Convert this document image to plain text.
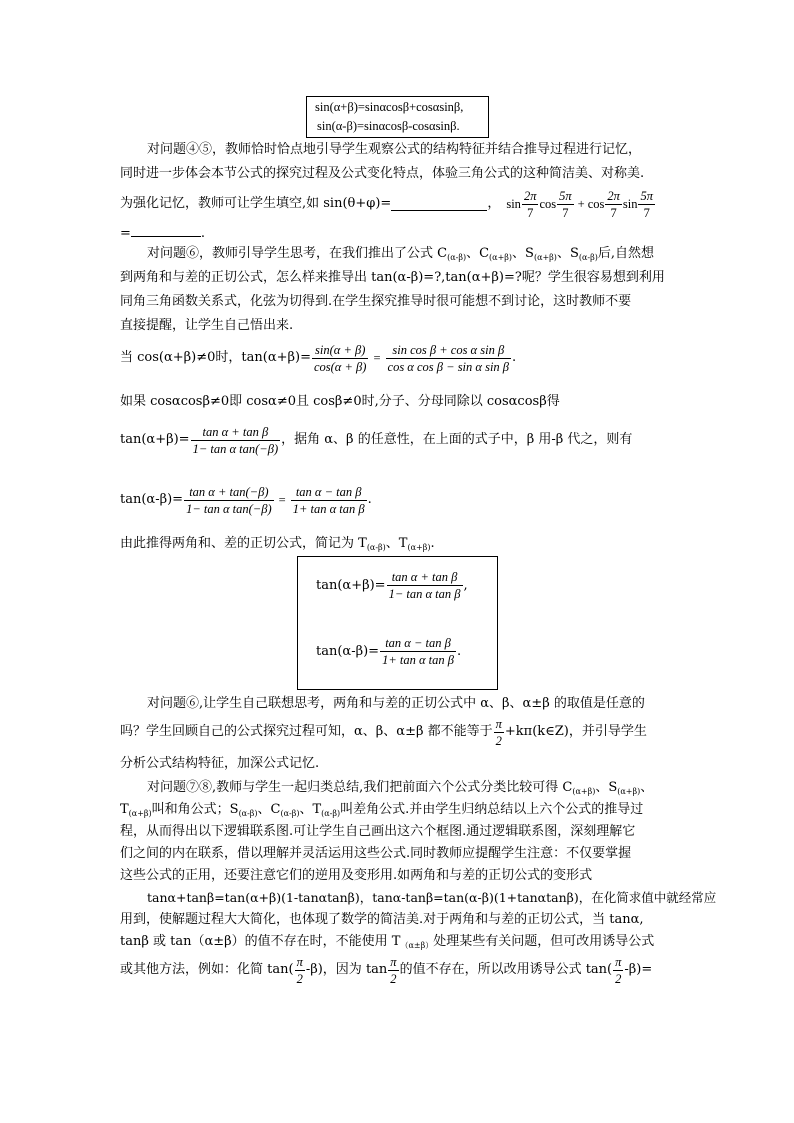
sin(α+β)=sinαcosβ+cosαsinβ,
sin(α-β)=sinαcosβ-cosαsinβ.
对问题④⑤，教师恰时恰点地引导学生观察公式的结构特征并结合推导过程进行记忆，
同时进一步体会本节公式的探究过程及公式变化特点，体验三角公式的这种简洁美、对称美.
为强化记忆，教师可让学生填空,如 sin(θ+φ)=	， $\sin \frac{2\pi}{7}$ $\cos \frac{5\pi}{7} + \cos \frac{2\pi}{7}$ $\sin \frac{5\pi}{7}$
=	.
对问题⑥，教师引导学生思考，在我们推出了公式 $C_{(\alpha-\beta)}$、$C_{(\alpha+\beta)}$、$S_{(\alpha+\beta)}$、$S_{(\alpha-\beta)}$后,自然想
到两角和与差的正切公式，怎么样来推导出 tan(α-β)=?,tan(α+β)=?呢？学生很容易想到利用
同角三角函数关系式，化弦为切得到.在学生探究推导时很可能想不到讨论，这时教师不要
直接提醒，让学生自己悟出来.
当 cos(α+β)≠0时，$\tan(\alpha+\beta)= \frac{\sin(\alpha + \beta)}{\cos(\alpha + \beta)} = \frac{\text{sin cos β + cos α sin β}}{\text{cos α cos β − sin α sin β}}$ .
如果 cosαcosβ≠0即 cosα≠0且 cosβ≠0时,分子、分母同除以 cosαcosβ得
$\tan(\alpha+\beta)= \frac{\text{tan α + tan β}}{\text{1− tan α tan(−β)}}$ ，据角 α、β 的任意性，在上面的式子中，β 用-β 代之，则有
$\tan(\alpha-\beta)= \frac{\text{tan α + tan(−β)}}{\text{1− tan α tan(−β)}} = \frac{\text{tan α − tan β}}{\text{1+ tan α tan β}}$ .
由此推得两角和、差的正切公式，简记为 $T_{(\alpha-\beta)}$、$T_{(\alpha+\beta)}$.
$\tan(\alpha+\beta)= \frac{\text{tan α + tan β}}{\text{1− tan α tan β}}$ ,
$\tan(\alpha-\beta)= \frac{\text{tan α − tan β}}{\text{1+ tan α tan β}}$ .
对问题⑥,让学生自己联想思考，两角和与差的正切公式中 α、β、α±β 的取值是任意的
吗？学生回顾自己的公式探究过程可知，α、β、α±β 都不能等于 $\frac{\pi}{2}$ +kπ(k∈Z)，并引导学生
分析公式结构特征，加深公式记忆.
对问题⑦⑧,教师与学生一起归类总结,我们把前面六个公式分类比较可得 $C_{(\alpha+\beta)}$、$S_{(\alpha+\beta)}$、
$T_{(\alpha+\beta)}$叫和角公式；$S_{(\alpha-\beta)}$、$C_{(\alpha-\beta)}$、$T_{(\alpha-\beta)}$叫差角公式.并由学生归纳总结以上六个公式的推导过
程，从而得出以下逻辑联系图.可让学生自己画出这六个框图.通过逻辑联系图，深刻理解它
们之间的内在联系，借以理解并灵活运用这些公式.同时教师应提醒学生注意：不仅要掌握
这些公式的正用，还要注意它们的逆用及变形用.如两角和与差的正切公式的变形式
tanα+tanβ=tan(α+β)(1-tanαtanβ)，tanα-tanβ=tan(α-β)(1+tanαtanβ)，在化简求值中就经常应
用到，使解题过程大大简化，也体现了数学的简洁美.对于两角和与差的正切公式，当 tanα,
tanβ 或 tan（α±β）的值不存在时，不能使用 $T_{(\alpha\pm\beta)}$处理某些有关问题，但可改用诱导公式
或其他方法，例如：化简 $\tan( \frac{\pi}{2} -\beta)$，因为 $\tan \frac{\pi}{2}$ 的值不存在，所以改用诱导公式 $\tan( \frac{\pi}{2} -\beta)=$
